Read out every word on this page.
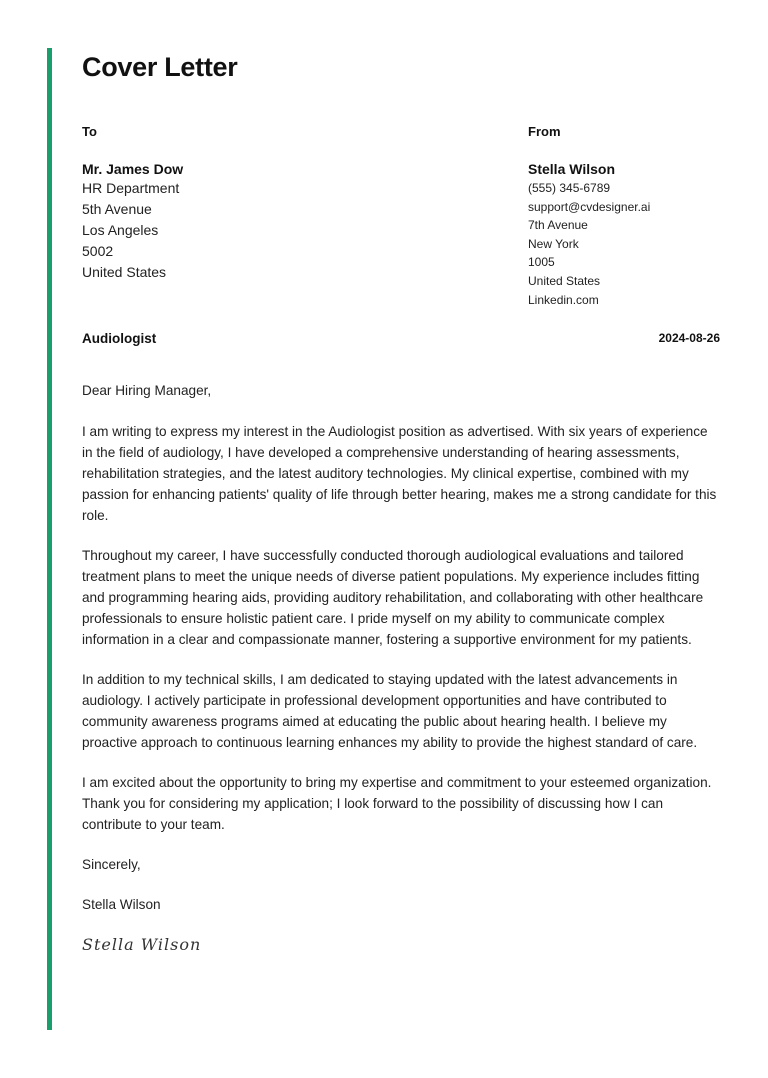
Cover Letter
To
Mr. James Dow
HR Department
5th Avenue
Los Angeles
5002
United States
From
Stella Wilson
(555) 345-6789
support@cvdesigner.ai
7th Avenue
New York
1005
United States
Linkedin.com
Audiologist	2024-08-26

Dear Hiring Manager,

I am writing to express my interest in the Audiologist position as advertised. With six years of experience in the field of audiology, I have developed a comprehensive understanding of hearing assessments, rehabilitation strategies, and the latest auditory technologies. My clinical expertise, combined with my passion for enhancing patients' quality of life through better hearing, makes me a strong candidate for this role.

Throughout my career, I have successfully conducted thorough audiological evaluations and tailored treatment plans to meet the unique needs of diverse patient populations. My experience includes fitting and programming hearing aids, providing auditory rehabilitation, and collaborating with other healthcare professionals to ensure holistic patient care. I pride myself on my ability to communicate complex information in a clear and compassionate manner, fostering a supportive environment for my patients.

In addition to my technical skills, I am dedicated to staying updated with the latest advancements in audiology. I actively participate in professional development opportunities and have contributed to community awareness programs aimed at educating the public about hearing health. I believe my proactive approach to continuous learning enhances my ability to provide the highest standard of care.

I am excited about the opportunity to bring my expertise and commitment to your esteemed organization. Thank you for considering my application; I look forward to the possibility of discussing how I can contribute to your team.

Sincerely,

Stella Wilson

Stella Wilson
